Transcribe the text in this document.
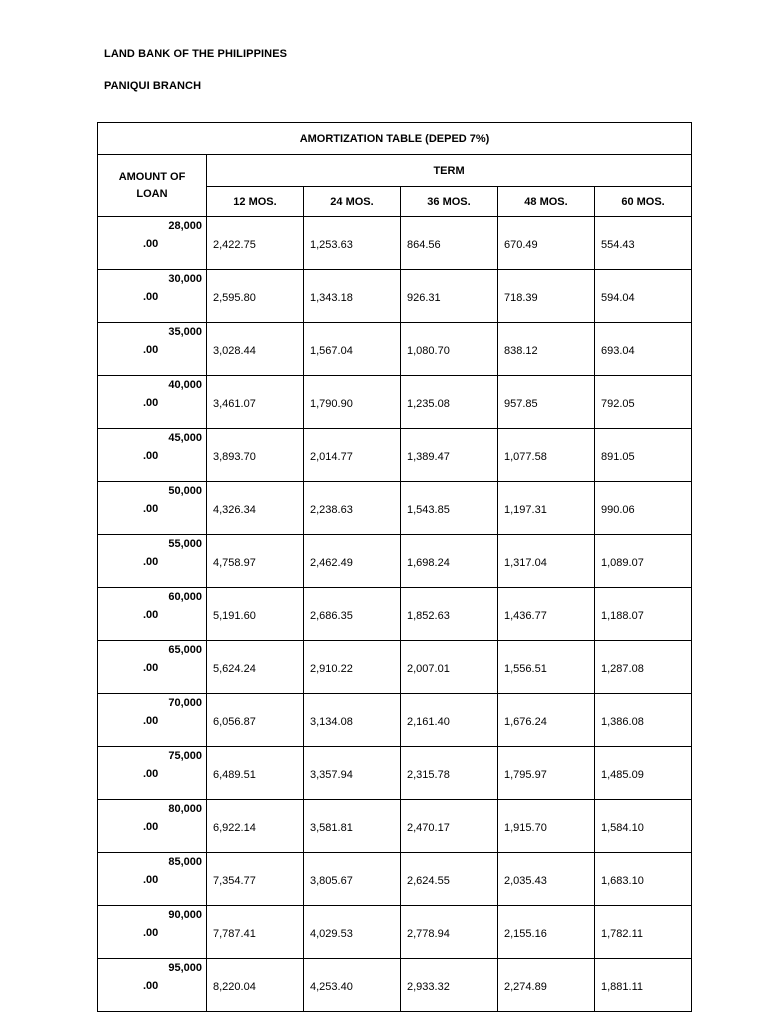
LAND BANK OF THE PHILIPPINES
PANIQUI BRANCH
AMORTIZATION TABLE (DEPED 7%)					

AMOUNT OF
LOAN	TERM				
	12 MOS.	24 MOS.	36 MOS.	48 MOS.	60 MOS.

28,000
.00	2,422.75	1,253.63	864.56	670.49	554.43

30,000
.00	2,595.80	1,343.18	926.31	718.39	594.04

35,000
.00	3,028.44	1,567.04	1,080.70	838.12	693.04

40,000
.00	3,461.07	1,790.90	1,235.08	957.85	792.05

45,000
.00	3,893.70	2,014.77	1,389.47	1,077.58	891.05

50,000
.00	4,326.34	2,238.63	1,543.85	1,197.31	990.06

55,000
.00	4,758.97	2,462.49	1,698.24	1,317.04	1,089.07

60,000
.00	5,191.60	2,686.35	1,852.63	1,436.77	1,188.07

65,000
.00	5,624.24	2,910.22	2,007.01	1,556.51	1,287.08

70,000
.00	6,056.87	3,134.08	2,161.40	1,676.24	1,386.08

75,000
.00	6,489.51	3,357.94	2,315.78	1,795.97	1,485.09

80,000
.00	6,922.14	3,581.81	2,470.17	1,915.70	1,584.10

85,000
.00	7,354.77	3,805.67	2,624.55	2,035.43	1,683.10

90,000
.00	7,787.41	4,029.53	2,778.94	2,155.16	1,782.11

95,000
.00	8,220.04	4,253.40	2,933.32	2,274.89	1,881.11
